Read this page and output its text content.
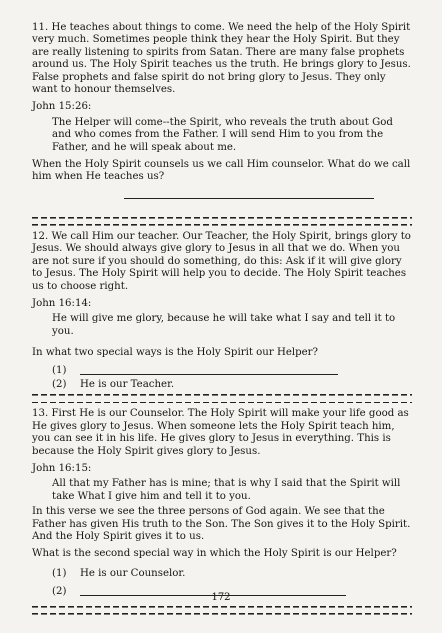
11. He teaches about things to come. We need the help of the Holy Spirit very much. Sometimes people think they hear the Holy Spirit. But they are really listening to spirits from Satan. There are many false prophets around us. The Holy Spirit teaches us the truth. He brings glory to Jesus. False prophets and false spirit do not bring glory to Jesus. They only want to honour themselves.

John 15:26:

The Helper will come--the Spirit, who reveals the truth about God and who comes from the Father. I will send Him to you from the Father, and he will speak about me.

When the Holy Spirit counsels us we call Him counselor. What do we call him when He teaches us?

12. We call Him our teacher. Our Teacher, the Holy Spirit, brings glory to Jesus. We should always give glory to Jesus in all that we do. When you are not sure if you should do something, do this: Ask if it will give glory to Jesus. The Holy Spirit will help you to decide. The Holy Spirit teaches us to choose right.

John 16:14:

He will give me glory, because he will take what I say and tell it to you.

In what two special ways is the Holy Spirit our Helper?

(1)

(2)	He is our Teacher.

13. First He is our Counselor. The Holy Spirit will make your life good as He gives glory to Jesus. When someone lets the Holy Spirit teach him, you can see it in his life. He gives glory to Jesus in everything. This is because the Holy Spirit gives glory to Jesus.

John 16:15:

All that my Father has is mine; that is why I said that the Spirit will take What I give him and tell it to you.

In this verse we see the three persons of God again. We see that the Father has given His truth to the Son. The Son gives it to the Holy Spirit. And the Holy Spirit gives it to us.

What is the second special way in which the Holy Spirit is our Helper?

(1)	He is our Counselor.

(2)

172
